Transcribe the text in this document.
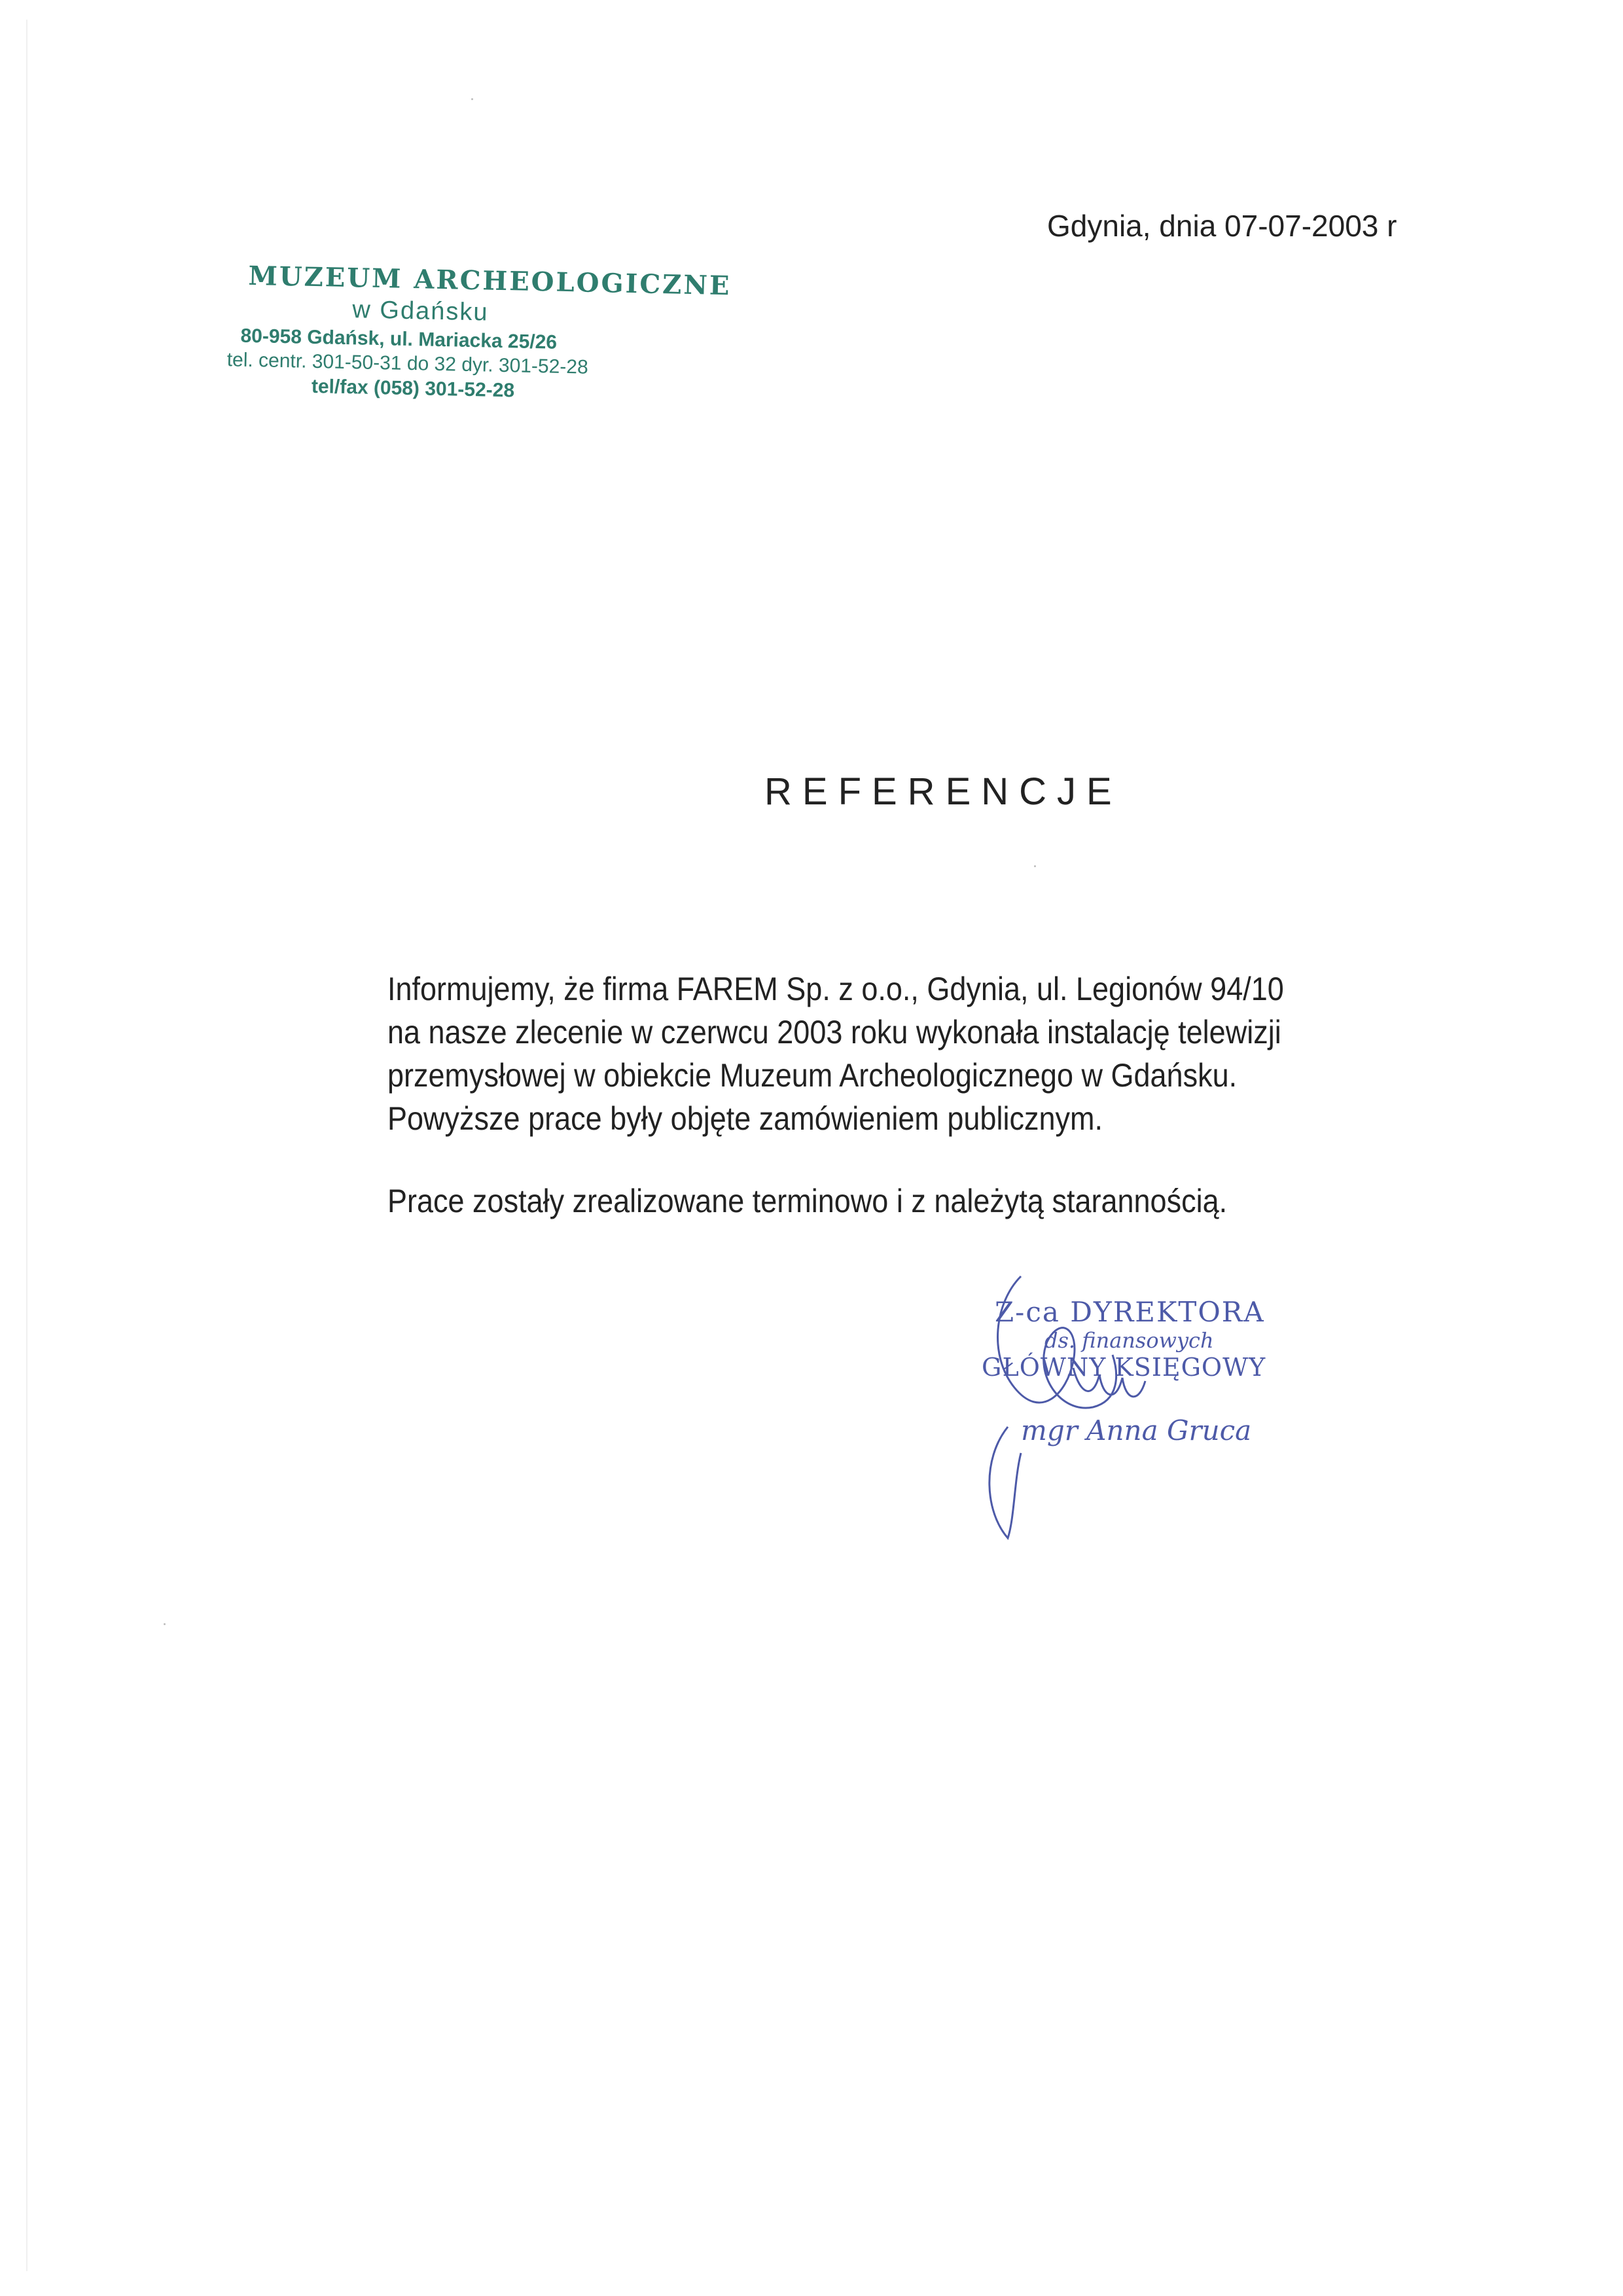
Gdynia, dnia 07-07-2003 r
MUZEUM ARCHEOLOGICZNE
w Gdańsku
80-958 Gdańsk, ul. Mariacka 25/26
tel. centr. 301-50-31 do 32 dyr. 301-52-28
tel/fax (058) 301-52-28
REFERENCJE
Informujemy, że firma FAREM Sp. z o.o., Gdynia, ul. Legionów 94/10
na nasze zlecenie w czerwcu 2003 roku wykonała instalację telewizji
przemysłowej w obiekcie Muzeum Archeologicznego w Gdańsku.
Powyższe prace były objęte zamówieniem publicznym.
Prace zostały zrealizowane terminowo i z należytą starannością.
Z-ca DYREKTORA
ds. finansowych
GŁÓWNY KSIĘGOWY
mgr Anna Gruca
